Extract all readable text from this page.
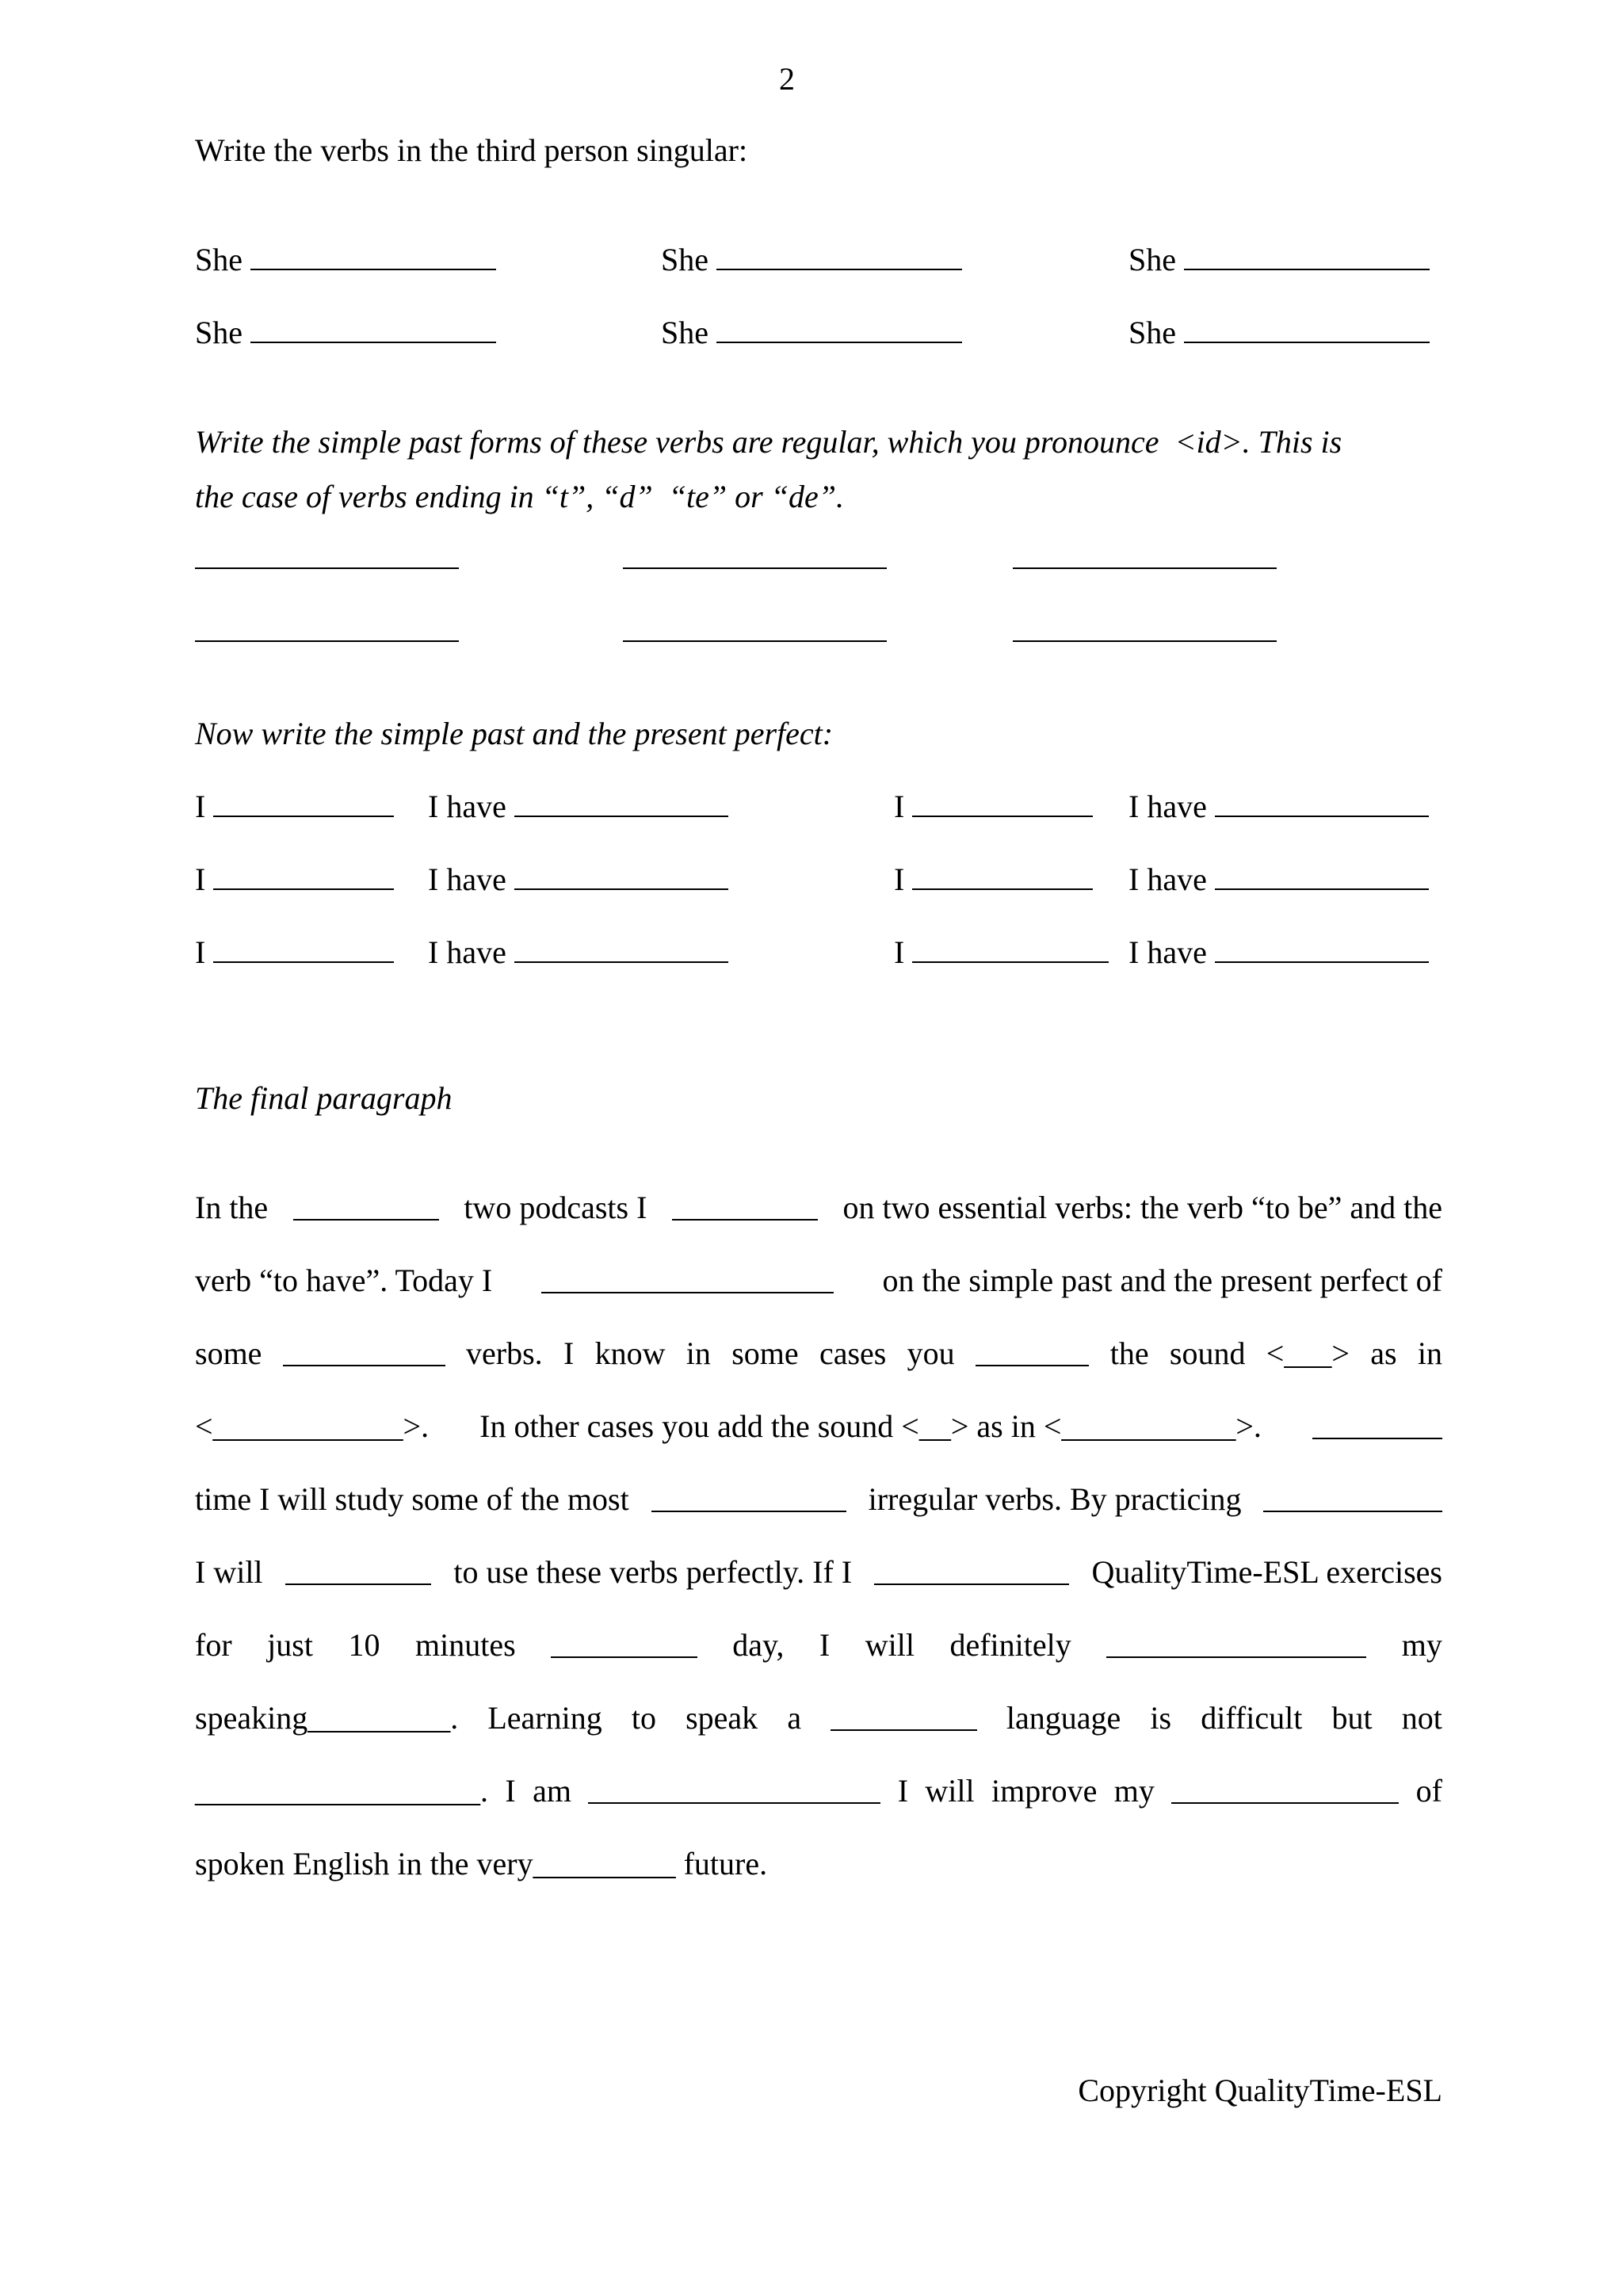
2
Write the verbs in the third person singular:
She	She	She
She	She	She
Write the simple past forms of these verbs are regular, which you pronounce  <id>. This is
the case of verbs ending in “t”, “d”  “te” or “de”.
Now write the simple past and the present perfect:
I	I have	I	I have
I	I have	I	I have
I	I have	I	I have
The final paragraph
In the	two podcasts I	on two essential verbs: the verb “to be” and the
verb “to have”. Today I	on the simple past and the present perfect of
some	verbs. I know in some cases you	the sound <___> as in
<____________>. In other cases you add the sound <__> as in <___________>.
time I will study some of the most	irregular verbs. By practicing
I will	to use these verbs perfectly. If I	QualityTime-ESL exercises
for just 10 minutes	day, I will definitely	my
speaking_________. Learning to speak a	language is difficult but not
__________________. I am	I will improve my	of
spoken English in the very_________ future.
Copyright QualityTime-ESL
